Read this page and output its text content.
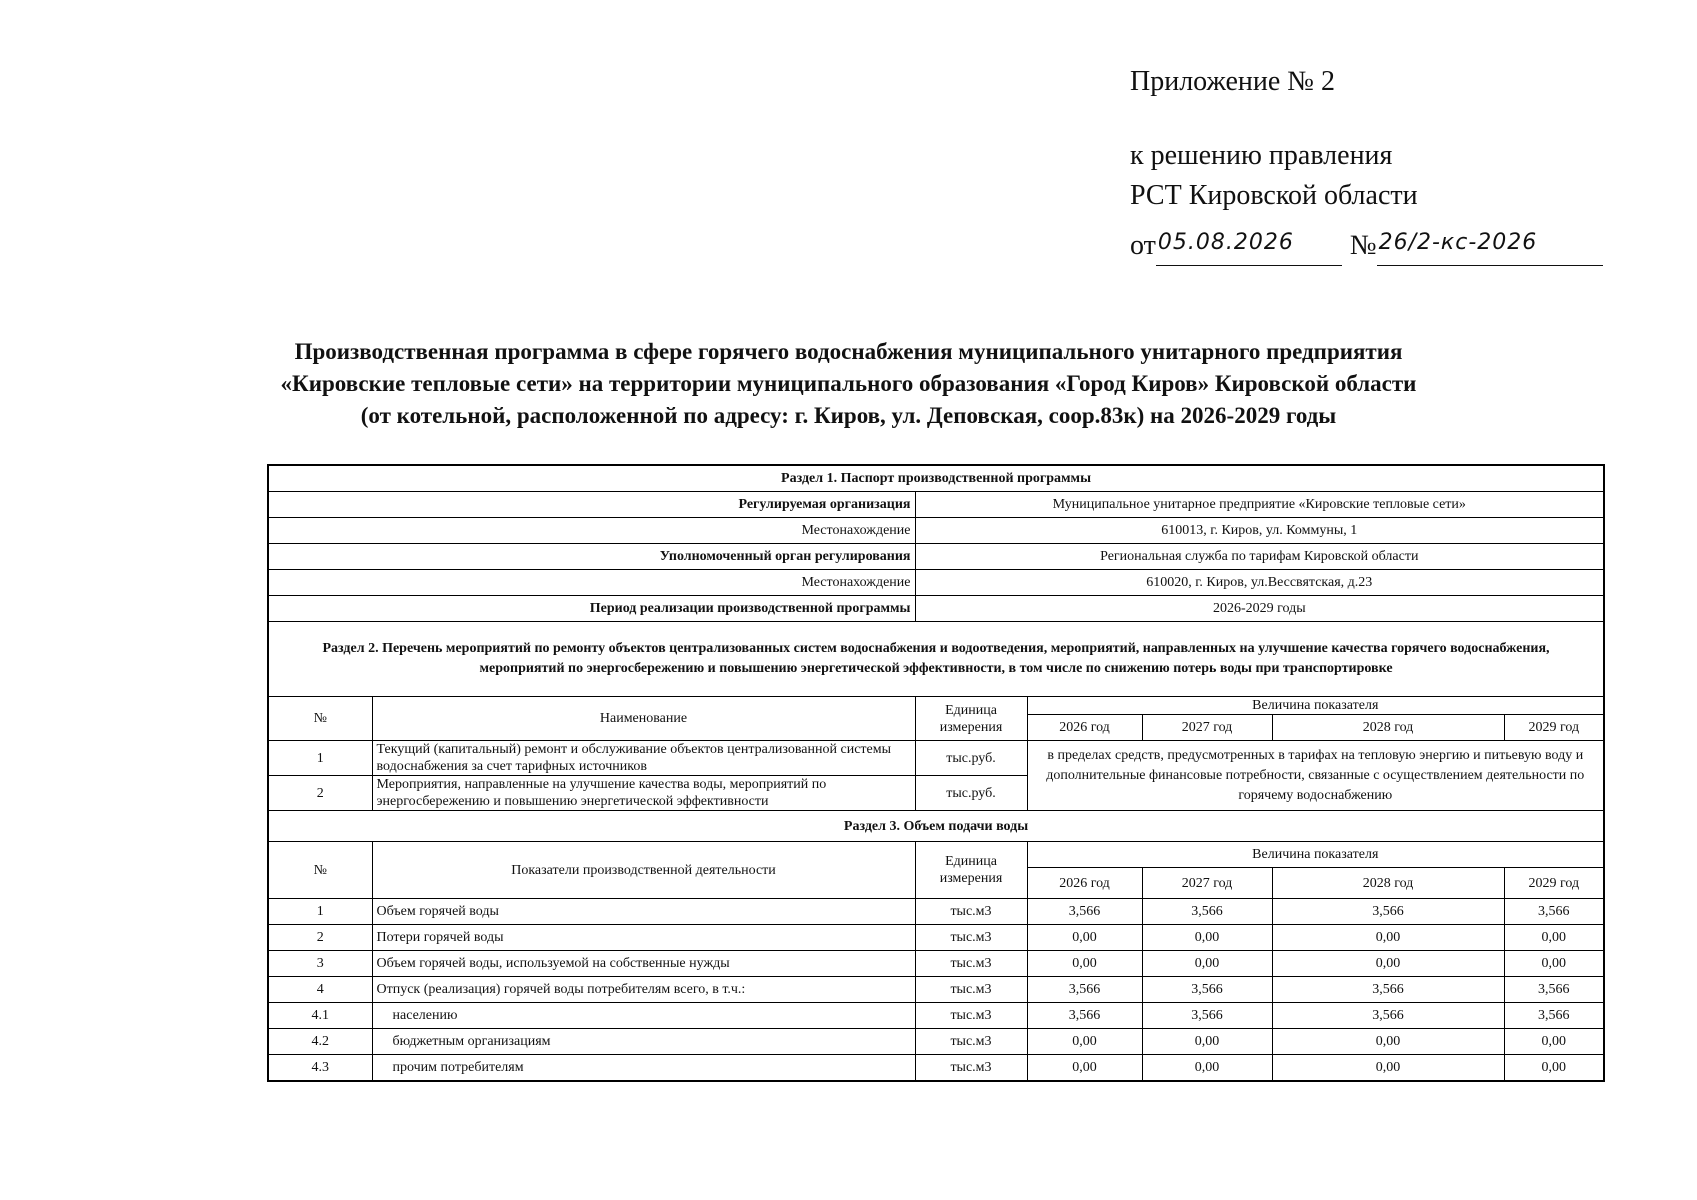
Приложение № 2
к решению правления
РСТ Кировской области
от 05.08.2026	№ 26/2-кс-2026
Производственная программа в сфере горячего водоснабжения муниципального унитарного предприятия
«Кировские тепловые сети» на территории муниципального образования «Город Киров» Кировской области
(от котельной, расположенной по адресу: г. Киров, ул. Деповская, соор.83к) на 2026-2029 годы
Раздел 1. Паспорт производственной программы						
Регулируемая организация		Муниципальное унитарное предприятие «Кировские тепловые сети»				
Местонахождение		610013, г. Киров, ул. Коммуны, 1				
Уполномоченный орган регулирования		Региональная служба по тарифам Кировской области				
Местонахождение		610020, г. Киров, ул.Вессвятская, д.23				
Период реализации производственной программы		2026-2029 годы				
Раздел 2. Перечень мероприятий по ремонту объектов централизованных систем водоснабжения и водоотведения, мероприятий, направленных на улучшение качества горячего водоснабжения, мероприятий по энергосбережению и повышению энергетической эффективности, в том числе по снижению потерь воды при транспортировке						
№	Наименование	Единица измерения	Величина показателя			
			2026 год	2027 год	2028 год	2029 год
1	Текущий (капитальный) ремонт и обслуживание объектов централизованной системы водоснабжения за счет тарифных источников	тыс.руб.	в пределах средств, предусмотренных в тарифах на тепловую энергию и питьевую воду и дополнительные финансовые потребности, связанные с осуществлением деятельности по горячему водоснабжению			
2	Мероприятия, направленные на улучшение качества воды, мероприятий по энергосбережению и повышению энергетической эффективности	тыс.руб.				
Раздел 3. Объем подачи воды						
№	Показатели производственной деятельности	Единица измерения	Величина показателя			
			2026 год	2027 год	2028 год	2029 год
1	Объем горячей воды	тыс.м3	3,566	3,566	3,566	3,566
2	Потери горячей воды	тыс.м3	0,00	0,00	0,00	0,00
3	Объем горячей воды, используемой на собственные нужды	тыс.м3	0,00	0,00	0,00	0,00
4	Отпуск (реализация) горячей воды потребителям всего, в т.ч.:	тыс.м3	3,566	3,566	3,566	3,566
4.1	населению	тыс.м3	3,566	3,566	3,566	3,566
4.2	бюджетным организациям	тыс.м3	0,00	0,00	0,00	0,00
4.3	прочим потребителям	тыс.м3	0,00	0,00	0,00	0,00
